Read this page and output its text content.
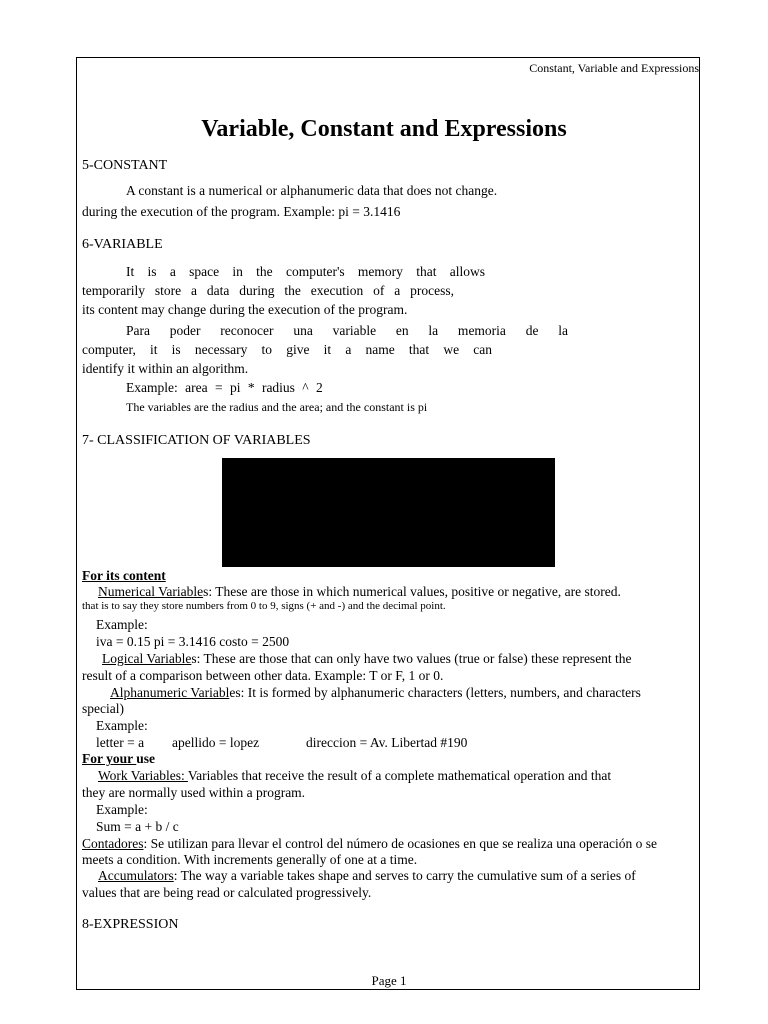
Constant, Variable and Expressions
Variable, Constant and Expressions
5-CONSTANT
A constant is a numerical or alphanumeric data that does not change.
during the execution of the program. Example: pi = 3.1416
6-VARIABLE
It is a space in the computer's memory that allows
temporarily store a data during the execution of a process,
its content may change during the execution of the program.
Para poder reconocer una variable en la memoria de la
computer, it is necessary to give it a name that we can
identify it within an algorithm.
Example: area = pi * radius ^ 2
The variables are the radius and the area; and the constant is pi
7- CLASSIFICATION OF VARIABLES
For its content
Numerical Variables: These are those in which numerical values, positive or negative, are stored.
that is to say they store numbers from 0 to 9, signs (+ and -) and the decimal point.
Example:
iva = 0.15 pi = 3.1416 costo = 2500
Logical Variables: These are those that can only have two values (true or false) these represent the
result of a comparison between other data. Example: T or F, 1 or 0.
Alphanumeric Variables: It is formed by alphanumeric characters (letters, numbers, and characters
special)
Example:
letter = a apellido = lopez	direccion = Av. Libertad #190
For your use
Work Variables: Variables that receive the result of a complete mathematical operation and that
they are normally used within a program.
Example:
Sum = a + b / c
Contadores: Se utilizan para llevar el control del número de ocasiones en que se realiza una operación o se
meets a condition. With increments generally of one at a time.
Accumulators: The way a variable takes shape and serves to carry the cumulative sum of a series of
values that are being read or calculated progressively.
8-EXPRESSION
Page 1
